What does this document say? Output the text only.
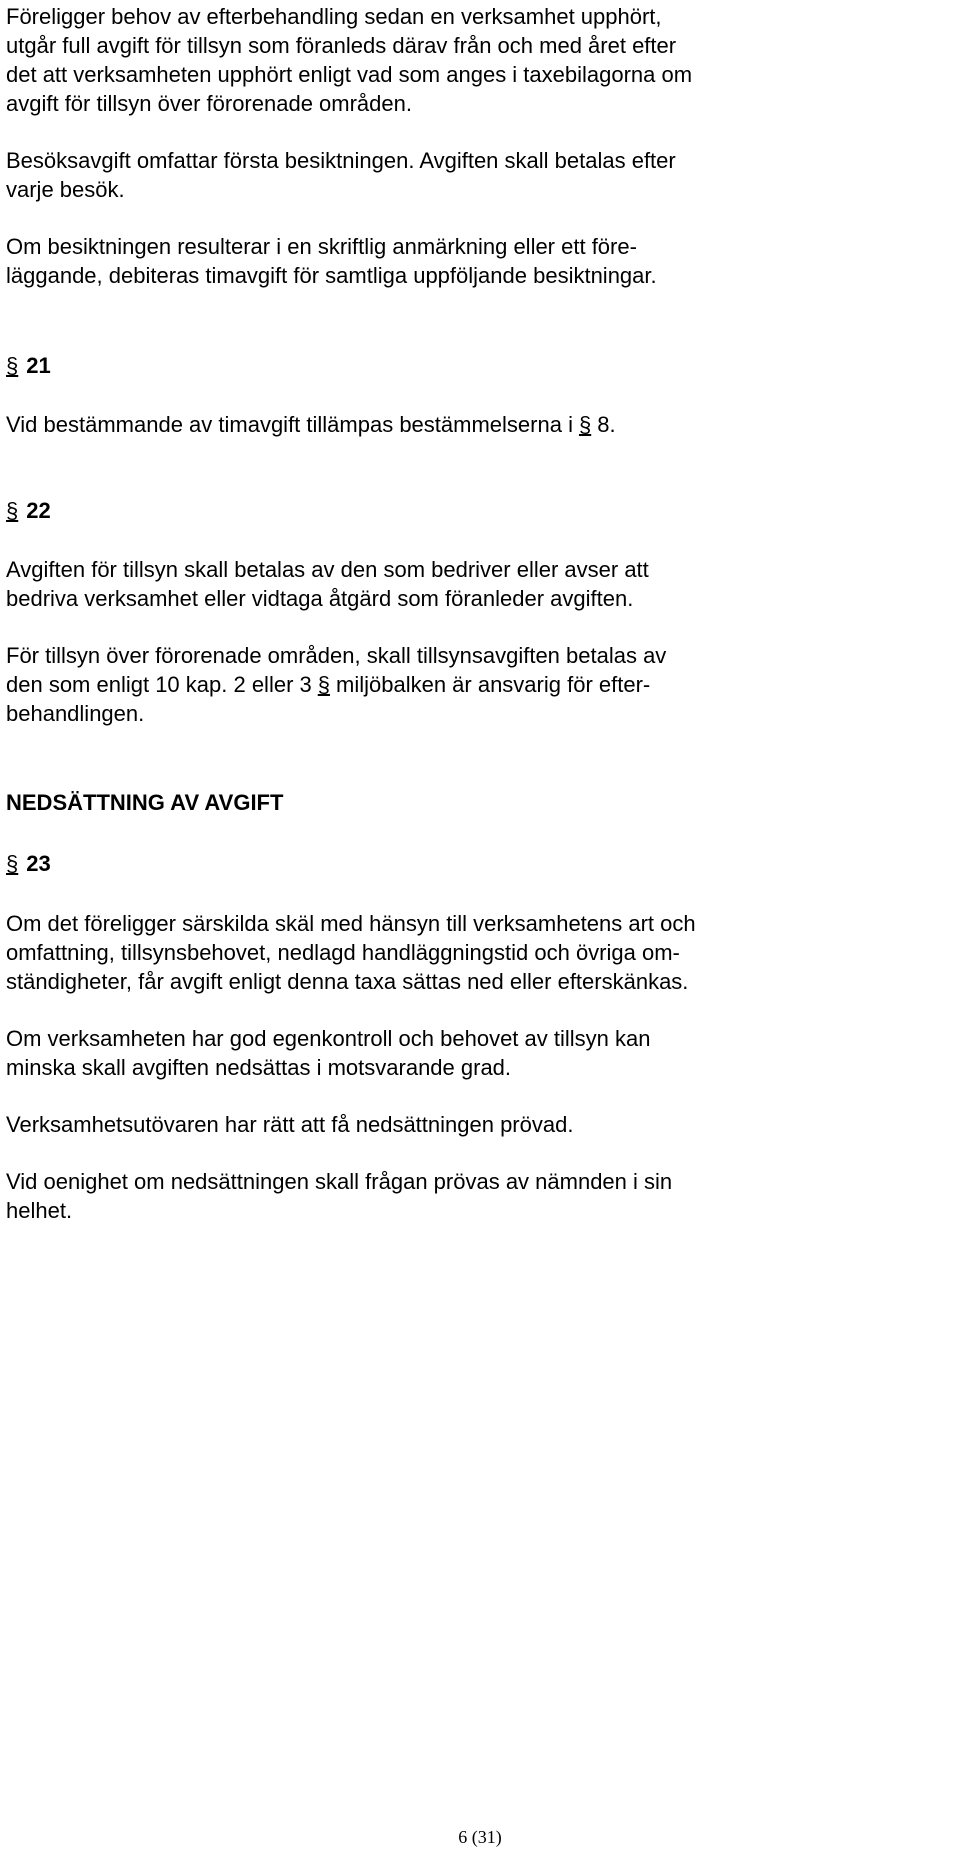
Föreligger behov av efterbehandling sedan en verksamhet upphört,
utgår full avgift för tillsyn som föranleds därav från och med året efter
det att verksamheten upphört enligt vad som anges i taxebilagorna om
avgift för tillsyn över förorenade områden.
Besöksavgift omfattar första besiktningen. Avgiften skall betalas efter
varje besök.
Om besiktningen resulterar i en skriftlig anmärkning eller ett före-
läggande, debiteras timavgift för samtliga uppföljande besiktningar.
§ 21
Vid bestämmande av timavgift tillämpas bestämmelserna i § 8.
§ 22
Avgiften för tillsyn skall betalas av den som bedriver eller avser att
bedriva verksamhet eller vidtaga åtgärd som föranleder avgiften.
För tillsyn över förorenade områden, skall tillsynsavgiften betalas av
den som enligt 10 kap. 2 eller 3 § miljöbalken är ansvarig för efter-
behandlingen.
NEDSÄTTNING AV AVGIFT
§ 23
Om det föreligger särskilda skäl med hänsyn till verksamhetens art och
omfattning, tillsynsbehovet, nedlagd handläggningstid och övriga om-
ständigheter, får avgift enligt denna taxa sättas ned eller efterskänkas.
Om verksamheten har god egenkontroll och behovet av tillsyn kan
minska skall avgiften nedsättas i motsvarande grad.
Verksamhetsutövaren har rätt att få nedsättningen prövad.
Vid oenighet om nedsättningen skall frågan prövas av nämnden i sin
helhet.
6 (31)
